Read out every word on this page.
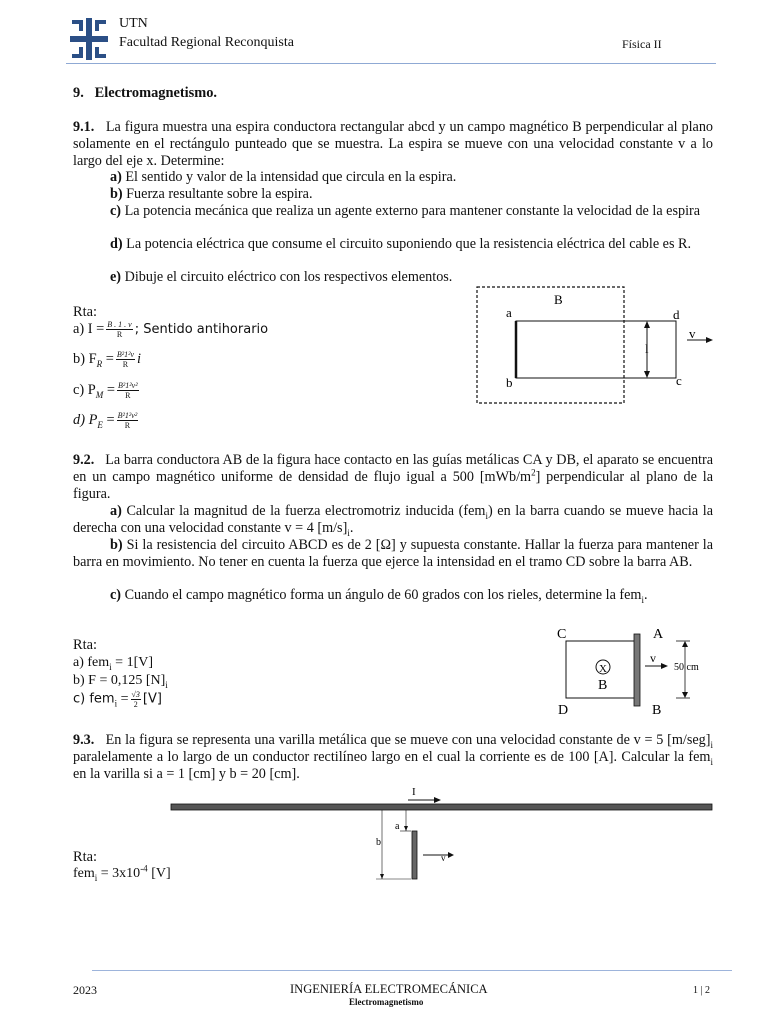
UTN
Facultad Regional Reconquista	Física II
9. Electromagnetismo.
9.1. La figura muestra una espira conductora rectangular abcd y un campo magnético B perpendicular al plano solamente en el rectángulo punteado que se muestra. La espira se mueve con una velocidad constante v a lo largo del eje x. Determine:
a) El sentido y valor de la intensidad que circula en la espira.
b) Fuerza resultante sobre la espira.
c) La potencia mecánica que realiza un agente externo para mantener constante la velocidad de la espira
d) La potencia eléctrica que consume el circuito suponiendo que la resistencia eléctrica del cable es R.
e) Dibuje el circuito eléctrico con los respectivos elementos.
Rta:
a) $I = \frac{B . 1 . v}{R}$ ; Sentido antihorario
b) $F_R = \frac{\text{B²1²v}}{R}$ i
c) $P_M = \frac{\text{B²1²v²}}{R}$
d) $P_E = \frac{\text{B²1²v²}}{R}$
B
a	d
b	c
l
v
9.2. La barra conductora AB de la figura hace contacto en las guías metálicas CA y DB, el aparato se encuentra en un campo magnético uniforme de densidad de flujo igual a 500 $[mWb/m^2]$ perpendicular al plano de la figura.
a) Calcular la magnitud de la fuerza electromotriz inducida (fem$_i$) en la barra cuando se mueve hacia la derecha con una velocidad constante v = 4 $[m/s]_i$.
b) Si la resistencia del circuito ABCD es de 2 [Ω] y supuesta constante. Hallar la fuerza para mantener la barra en movimiento. No tener en cuenta la fuerza que ejerce la intensidad en el tramo CD sobre la barra AB.
c) Cuando el campo magnético forma un ángulo de 60 grados con los rieles, determine la fem$_i$.
Rta:
a) fem$_i$ = 1[V]
b) F = 0,125 $[N]_i$
c) $fem_i = \frac{√3}{2} [V]$
C	A
D	B
B
X
v
50 cm
9.3. En la figura se representa una varilla metálica que se mueve con una velocidad constante de v = 5 $[m/seg]_i$ paralelamente a lo largo de un conductor rectilíneo largo en el cual la corriente es de 100 [A]. Calcular la fem$_i$ en la varilla si a = 1 [cm] y b = 20 [cm].
I
a
b
v
Rta:
$fem_i = 3x10^{-4}$ [V]
2023	INGENIERÍA ELECTROMECÁNICA
Electromagnetismo
1 | 2
